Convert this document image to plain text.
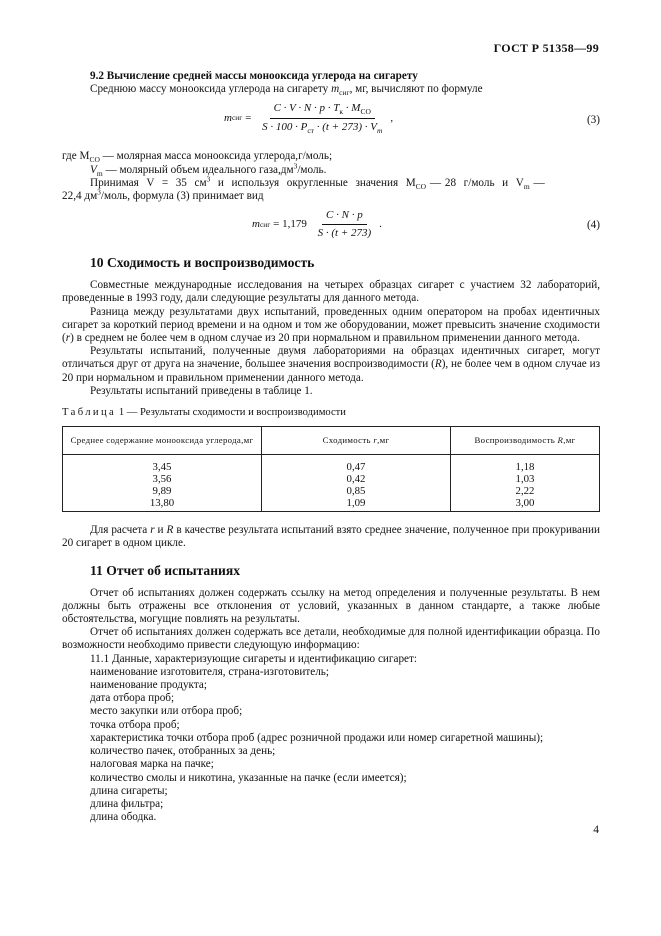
ГОСТ Р 51358—99

9.2 Вычисление средней массы монооксида углерода на сигарету

Среднюю массу монооксида углерода на сигарету $m_{сиг}$, мг, вычисляют по формуле

m сиг = $\frac{C \cdot V \cdot N \cdot p \cdot T_к \cdot M_{CO}}{S \cdot 100 \cdot P_{ст} \cdot (t + 273) \cdot V_m}$ ,	(3)

где $M_{CO}$ — молярная масса монооксида углерода,г/моль;

$V_m$ — молярный объем идеального $газа,дм^3$/моль.

Принимая  V  =  35  $см^3$  и  используя  округленные  значения  $M_{CO}$ — 28  г/моль  и  $V_m$ —

22,4 $дм^3$/моль, формула (3) принимает вид

m сиг = $1,179 \frac{C \cdot N \cdot p}{S \cdot (t + 273)}$ .	(4)
10 Сходимость и воспроизводимость

Совместные международные исследования на четырех образцах сигарет с участием 32 лабораторий, проведенные в 1993 году, дали следующие результаты для данного метода.

Разница между результатами двух испытаний, проведенных одним оператором на пробах идентичных сигарет за короткий период времени и на одном и том же оборудовании, может превысить значение сходимости (r) в среднем не более чем в одном случае из 20 при нормальном и правильном применении данного метода.

Результаты испытаний, полученные двумя лабораториями на образцах идентичных сигарет, могут отличаться друг от друга на значение, большее значения воспроизводимости (R), не более чем в одном случае из 20 при нормальном и правильном применении данного метода.

Результаты испытаний приведены в таблице 1.

Таблица 1 — Результаты сходимости и воспроизводимости

Среднее содержание монооксида углерода,мг	Сходимость r,мг	Воспроизводимость R,мг
3,45	0,47	1,18
3,56	0,42	1,03
9,89	0,85	2,22
13,80	1,09	3,00

Для расчета r и R в качестве результата испытаний взято среднее значение, полученное при прокуривании 20 сигарет в одном цикле.

11 Отчет об испытаниях

Отчет об испытаниях должен содержать ссылку на метод определения и полученные результаты. В нем должны быть отражены все отклонения от условий, указанных в данном стандарте, а также любые обстоятельства, могущие повлиять на результаты.

Отчет об испытаниях должен содержать все детали, необходимые для полной идентификации образца. По возможности необходимо привести следующую информацию:

11.1 Данные, характеризующие сигареты и идентификацию сигарет:

наименование изготовителя, страна-изготовитель;

наименование продукта;

дата отбора проб;

место закупки или отбора проб;

точка отбора проб;

характеристика точки отбора проб (адрес розничной продажи или номер сигаретной машины);

количество пачек, отобранных за день;

налоговая марка на пачке;

количество смолы и никотина, указанные на пачке (если имеется);

длина сигареты;

длина фильтра;

длина ободка.

4
